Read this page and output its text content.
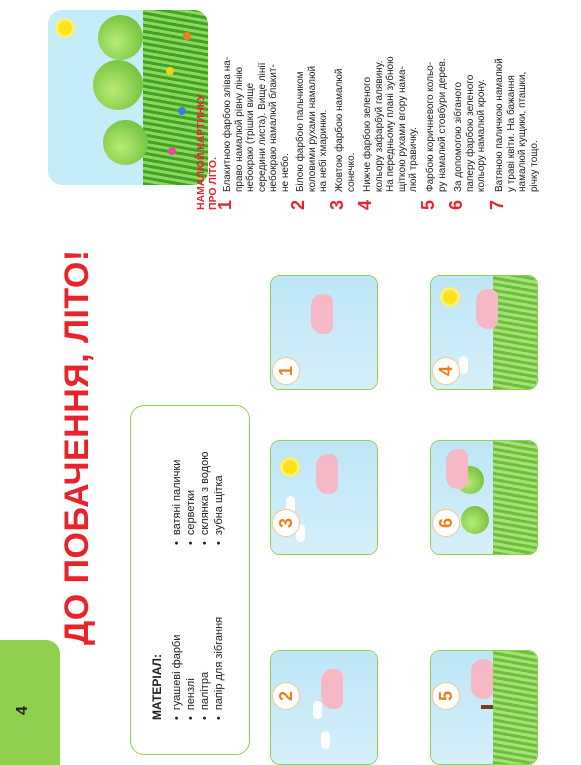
4
ДО ПОБАЧЕННЯ, ЛІТО!
МАТЕРІАЛ: • гуашеві фарби • пензлі • палітра • папір для зібгання
• ватяні палички • серветки • склянка з водою • зубна щітка
2
3
1
5
6
4
НАМАЛЮЙ КАРТИНКУ ПРО ЛІТО.
1
Блакитною фарбою зліва на- право намалюй рівну лінію небокраю (трішки вище середини листа). Вище лінії небокраю намалюй блакит- не небо.
2
Білою фарбою пальчиком коловими рухами намалюй на небі хмаринки.
3
Жовтою фарбою намалюй сонечко.
4
Нижче фарбою зеленого кольору зафарбуй галявину. На передньому плані зубною щіткою рухами вгору нама- люй травичку.
5
Фарбою коричневого кольо- ру намалюй стовбури дерев.
6
За допомогою зібганого паперу фарбою зеленого кольору намалюй крону.
7
Ватяною паличкою намалюй у траві квіти. На бажання намалюй кущики, пташки, річку тощо.
